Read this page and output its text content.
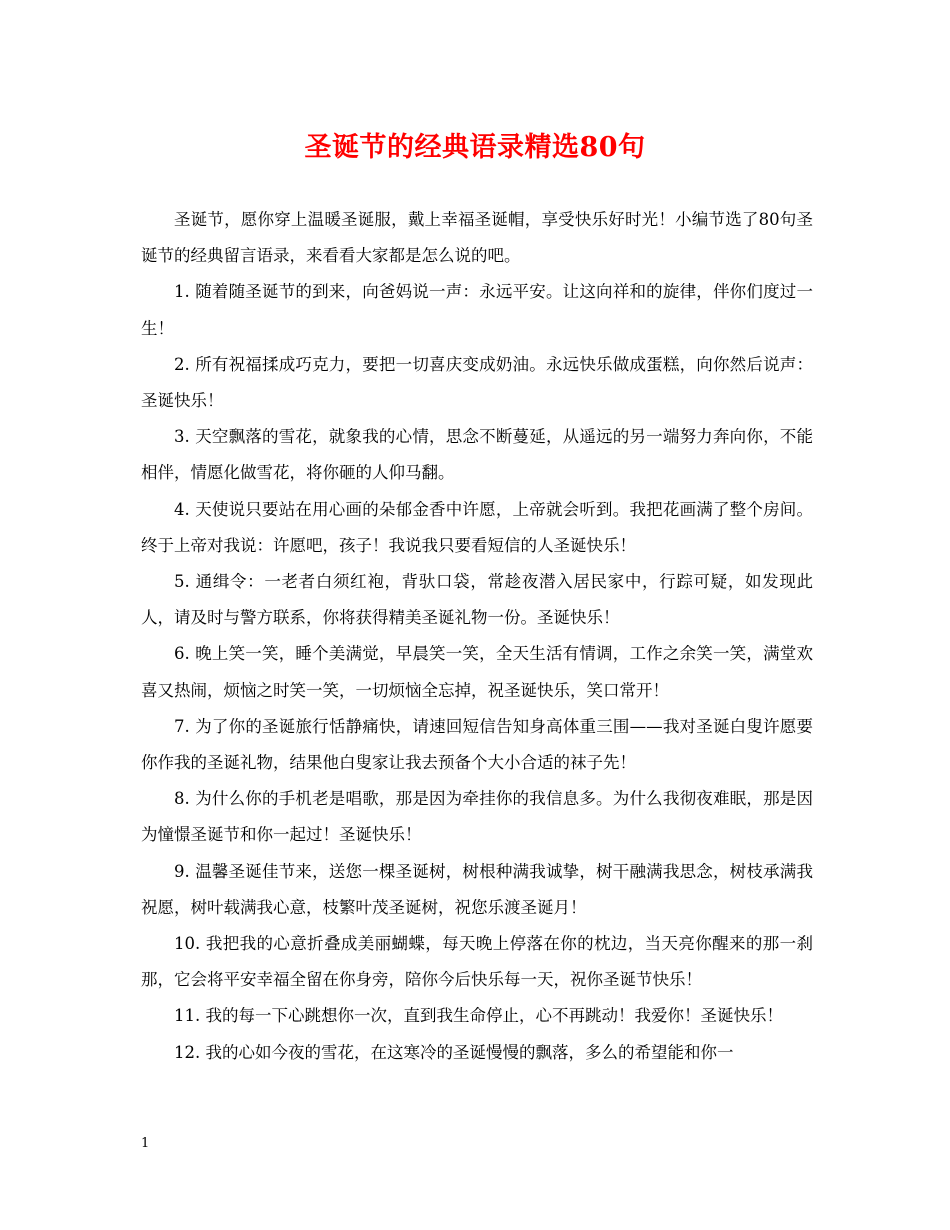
圣诞节的经典语录精选80句

圣诞节，愿你穿上温暖圣诞服，戴上幸福圣诞帽，享受快乐好时光！小编节选了80句圣诞节的经典留言语录，来看看大家都是怎么说的吧。

1. 随着随圣诞节的到来，向爸妈说一声：永远平安。让这向祥和的旋律，伴你们度过一生！

2. 所有祝福揉成巧克力，要把一切喜庆变成奶油。永远快乐做成蛋糕，向你然后说声：圣诞快乐！

3. 天空飘落的雪花，就象我的心情，思念不断蔓延，从遥远的另一端努力奔向你，不能相伴，情愿化做雪花，将你砸的人仰马翻。

4. 天使说只要站在用心画的朵郁金香中许愿，上帝就会听到。我把花画满了整个房间。终于上帝对我说：许愿吧，孩子！我说我只要看短信的人圣诞快乐！

5. 通缉令：一老者白须红袍，背驮口袋，常趁夜潜入居民家中，行踪可疑，如发现此人，请及时与警方联系，你将获得精美圣诞礼物一份。圣诞快乐！

6. 晚上笑一笑，睡个美满觉，早晨笑一笑，全天生活有情调，工作之余笑一笑，满堂欢喜又热闹，烦恼之时笑一笑，一切烦恼全忘掉，祝圣诞快乐，笑口常开！

7. 为了你的圣诞旅行恬静痛快，请速回短信告知身高体重三围——我对圣诞白叟许愿要你作我的圣诞礼物，结果他白叟家让我去预备个大小合适的袜子先！

8. 为什么你的手机老是唱歌，那是因为牵挂你的我信息多。为什么我彻夜难眠，那是因为憧憬圣诞节和你一起过！圣诞快乐！

9. 温馨圣诞佳节来，送您一棵圣诞树，树根种满我诚挚，树干融满我思念，树枝承满我祝愿，树叶载满我心意，枝繁叶茂圣诞树，祝您乐渡圣诞月！

10. 我把我的心意折叠成美丽蝴蝶，每天晚上停落在你的枕边，当天亮你醒来的那一刹那，它会将平安幸福全留在你身旁，陪你今后快乐每一天，祝你圣诞节快乐！

11. 我的每一下心跳想你一次，直到我生命停止，心不再跳动！我爱你！圣诞快乐！

12. 我的心如今夜的雪花，在这寒冷的圣诞慢慢的飘落，多么的希望能和你一

1
